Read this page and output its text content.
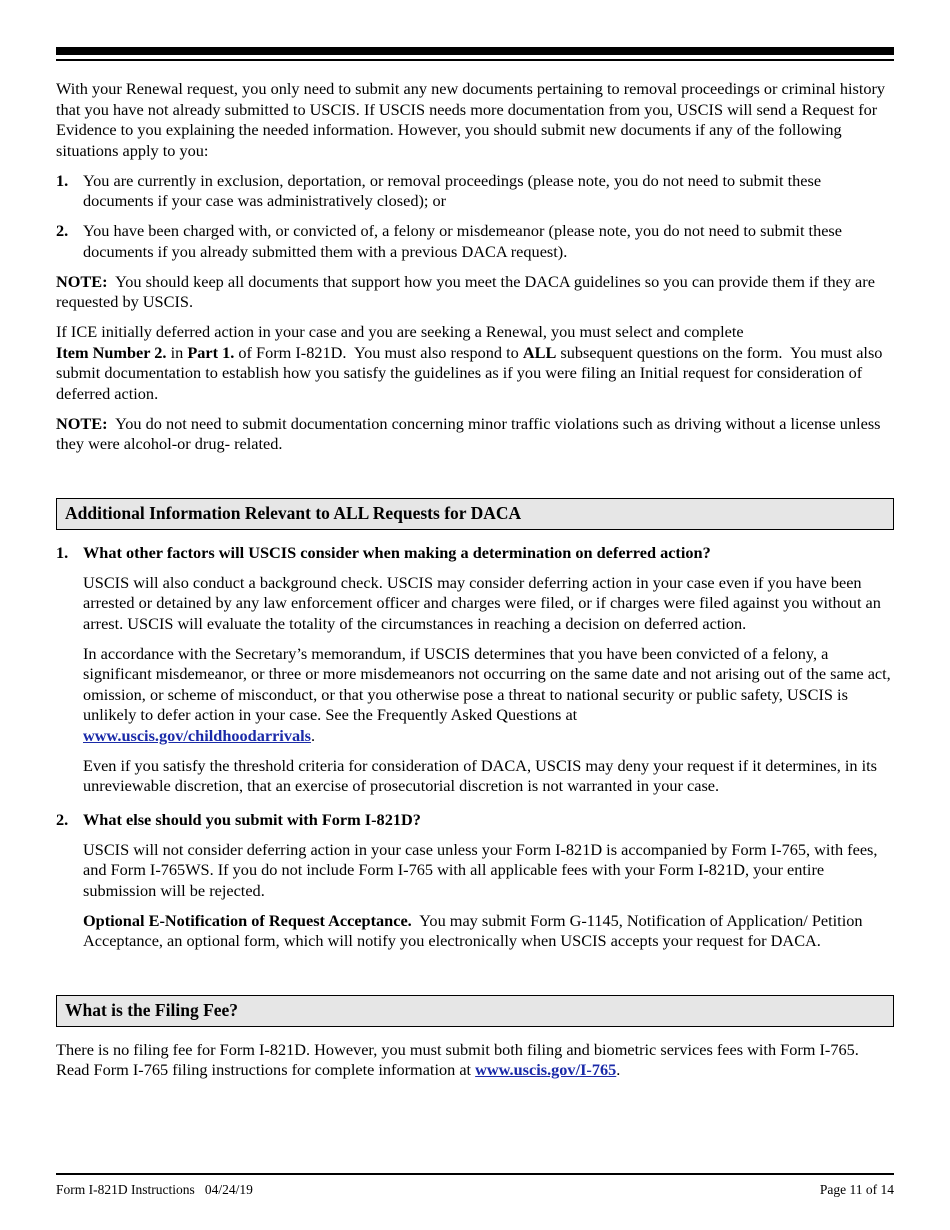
With your Renewal request, you only need to submit any new documents pertaining to removal proceedings or criminal history that you have not already submitted to USCIS. If USCIS needs more documentation from you, USCIS will send a Request for Evidence to you explaining the needed information. However, you should submit new documents if any of the following situations apply to you:

1. You are currently in exclusion, deportation, or removal proceedings (please note, you do not need to submit these documents if your case was administratively closed); or
2. You have been charged with, or convicted of, a felony or misdemeanor (please note, you do not need to submit these documents if you already submitted them with a previous DACA request).

NOTE:  You should keep all documents that support how you meet the DACA guidelines so you can provide them if they are requested by USCIS.

If ICE initially deferred action in your case and you are seeking a Renewal, you must select and complete
Item Number 2. in Part 1. of Form I-821D.  You must also respond to ALL subsequent questions on the form.  You must also submit documentation to establish how you satisfy the guidelines as if you were filing an Initial request for consideration of deferred action.

NOTE:  You do not need to submit documentation concerning minor traffic violations such as driving without a license unless they were alcohol-or drug- related.

Additional Information Relevant to ALL Requests for DACA
1. What other factors will USCIS consider when making a determination on deferred action?

USCIS will also conduct a background check. USCIS may consider deferring action in your case even if you have been arrested or detained by any law enforcement officer and charges were filed, or if charges were filed against you without an arrest. USCIS will evaluate the totality of the circumstances in reaching a decision on deferred action.

In accordance with the Secretary’s memorandum, if USCIS determines that you have been convicted of a felony, a significant misdemeanor, or three or more misdemeanors not occurring on the same date and not arising out of the same act, omission, or scheme of misconduct, or that you otherwise pose a threat to national security or public safety, USCIS is unlikely to defer action in your case. See the Frequently Asked Questions at
www.uscis.gov/childhoodarrivals.

Even if you satisfy the threshold criteria for consideration of DACA, USCIS may deny your request if it determines, in its unreviewable discretion, that an exercise of prosecutorial discretion is not warranted in your case.

2. What else should you submit with Form I-821D?

USCIS will not consider deferring action in your case unless your Form I-821D is accompanied by Form I-765, with fees, and Form I-765WS. If you do not include Form I-765 with all applicable fees with your Form I-821D, your entire submission will be rejected.

Optional E-Notification of Request Acceptance.  You may submit Form G-1145, Notification of Application/ Petition Acceptance, an optional form, which will notify you electronically when USCIS accepts your request for DACA.

What is the Filing Fee?

There is no filing fee for Form I-821D. However, you must submit both filing and biometric services fees with Form I-765. Read Form I-765 filing instructions for complete information at www.uscis.gov/I-765.

Form I-821D Instructions   04/24/19	Page 11 of 14
